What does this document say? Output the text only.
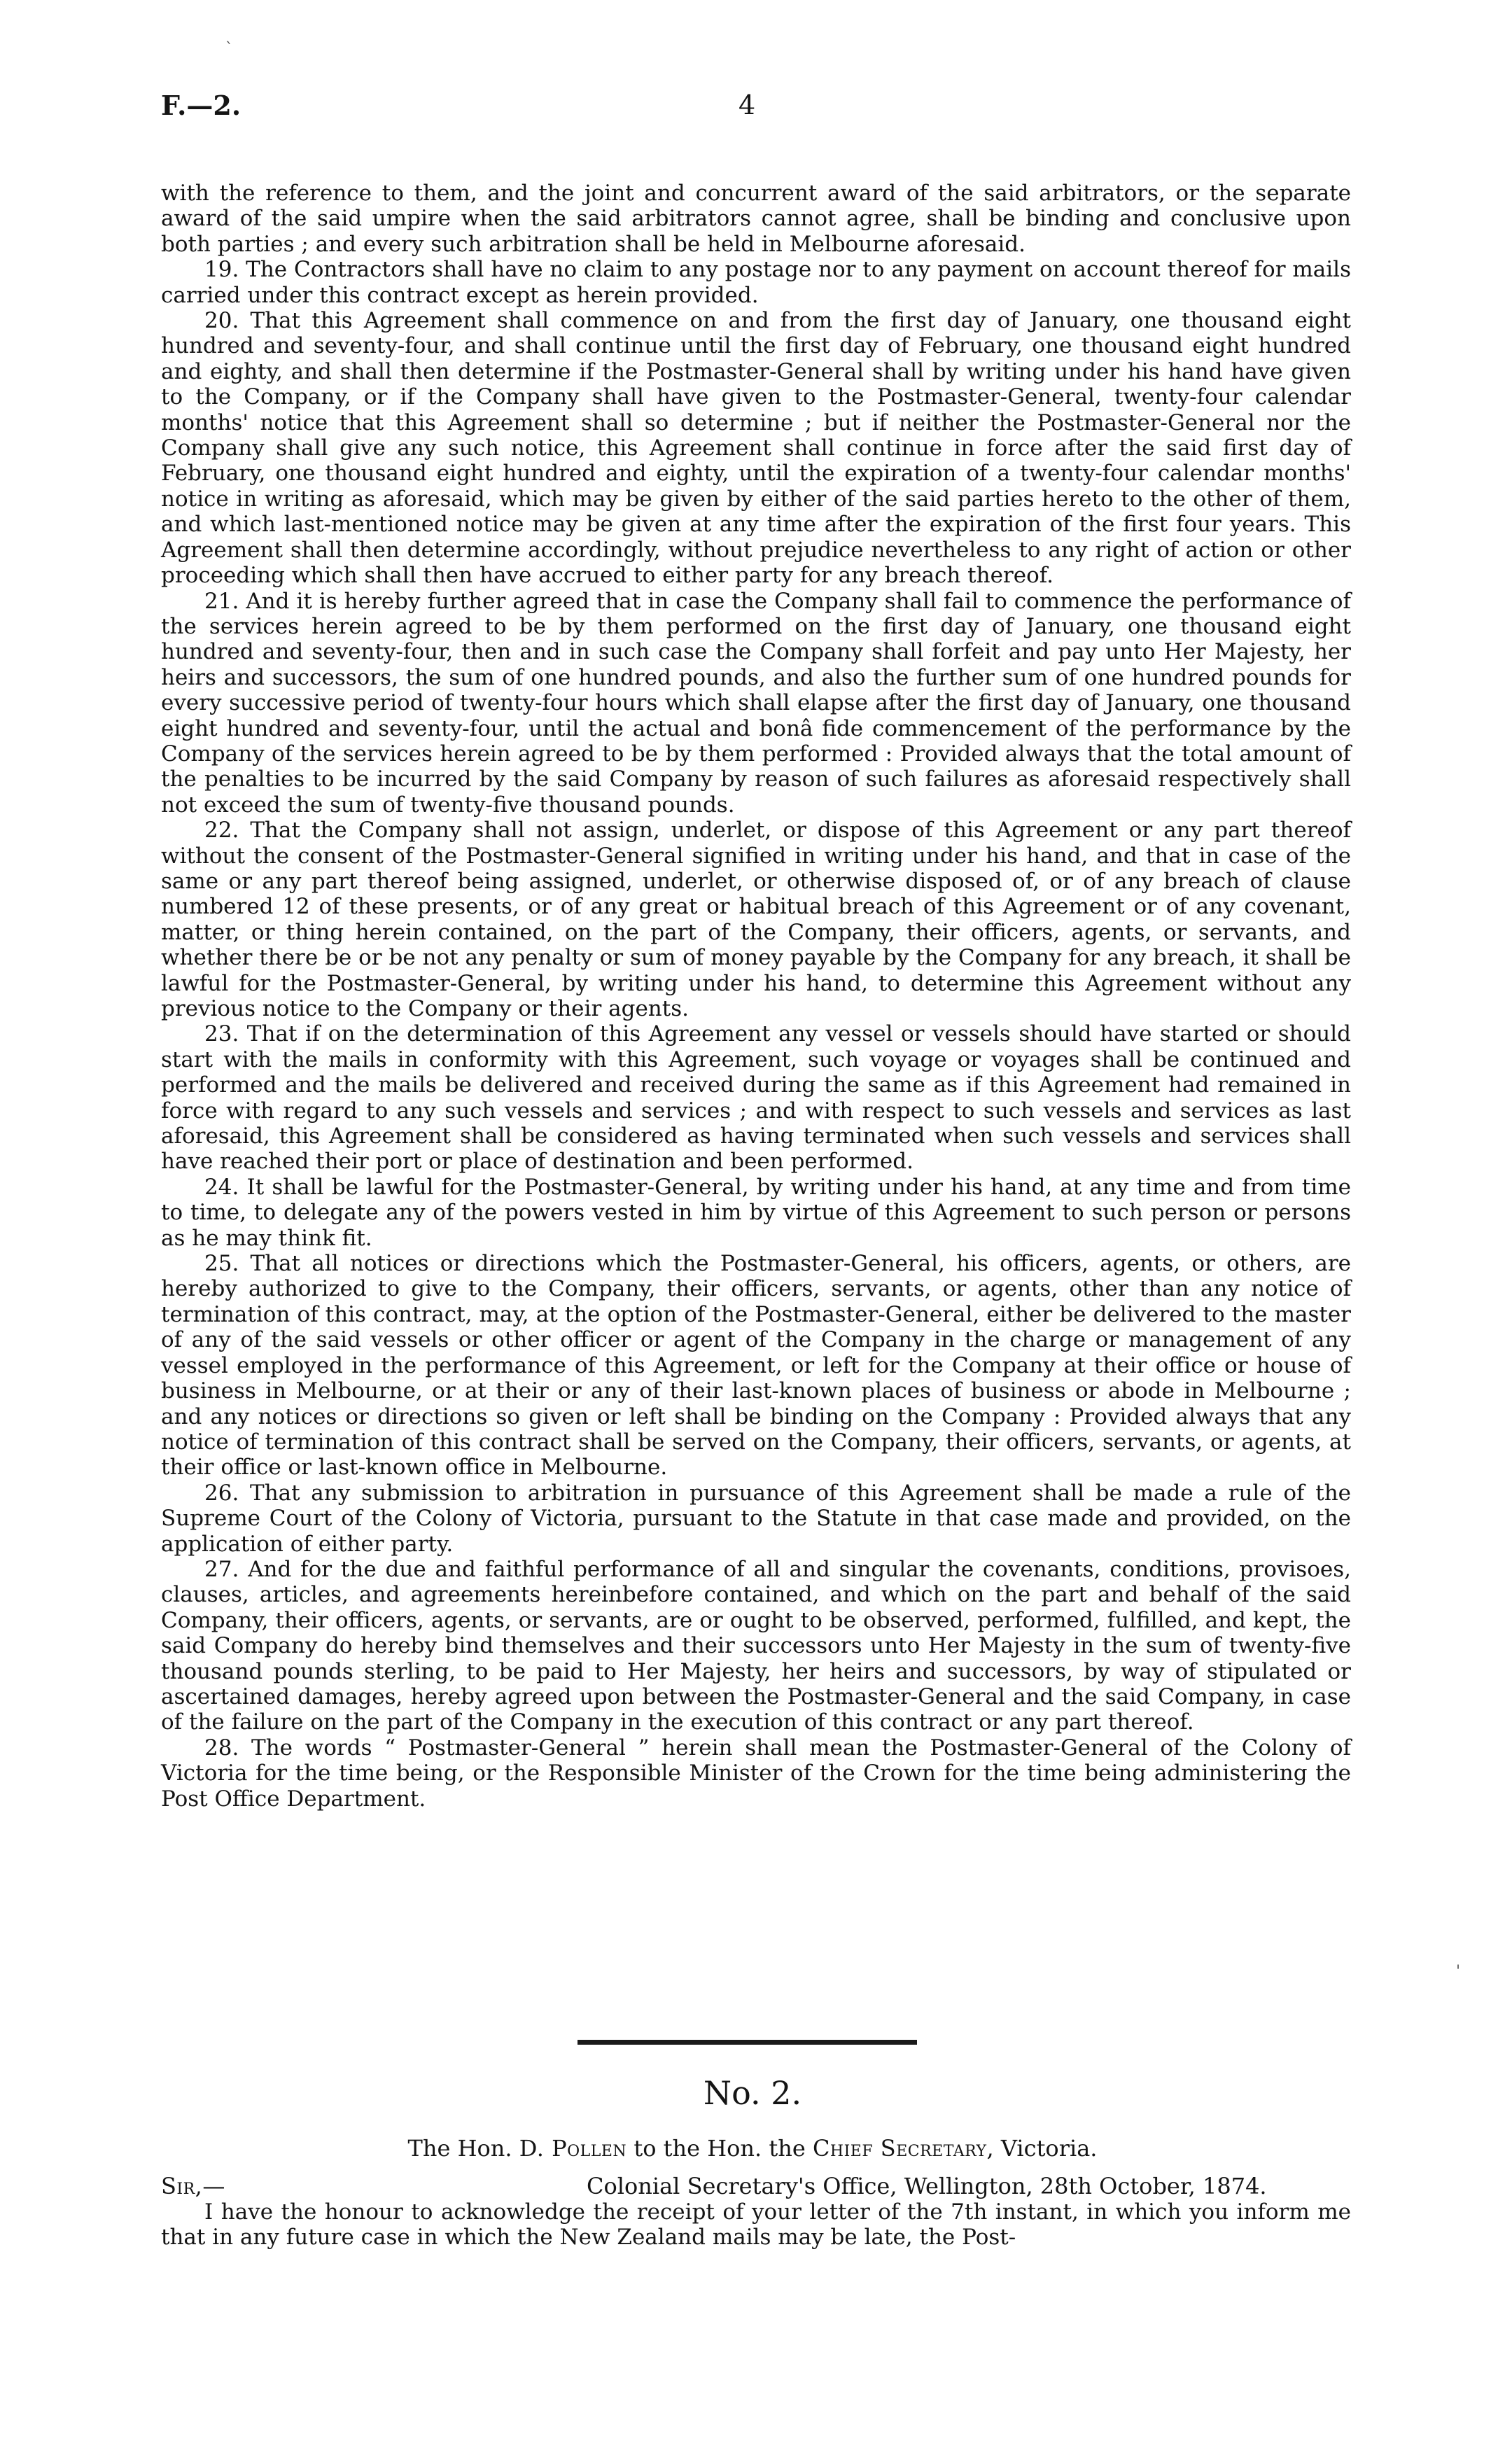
F.—2.	4

with the reference to them, and the joint and concurrent award of the said arbitrators, or the separate award of the said umpire when the said arbitrators cannot agree, shall be binding and conclusive upon both parties ; and every such arbitration shall be held in Melbourne aforesaid.

19. The Contractors shall have no claim to any postage nor to any payment on account thereof for mails carried under this contract except as herein provided.

20. That this Agreement shall commence on and from the first day of January, one thousand eight hundred and seventy-four, and shall continue until the first day of February, one thousand eight hundred and eighty, and shall then determine if the Postmaster-General shall by writing under his hand have given to the Company, or if the Company shall have given to the Postmaster-General, twenty-four calendar months' notice that this Agreement shall so determine ; but if neither the Postmaster-General nor the Company shall give any such notice, this Agreement shall continue in force after the said first day of February, one thousand eight hundred and eighty, until the expiration of a twenty-four calendar months' notice in writing as aforesaid, which may be given by either of the said parties hereto to the other of them, and which last-mentioned notice may be given at any time after the expiration of the first four years. This Agreement shall then determine accordingly, without prejudice nevertheless to any right of action or other proceeding which shall then have accrued to either party for any breach thereof.

21. And it is hereby further agreed that in case the Company shall fail to commence the performance of the services herein agreed to be by them performed on the first day of January, one thousand eight hundred and seventy-four, then and in such case the Company shall forfeit and pay unto Her Majesty, her heirs and successors, the sum of one hundred pounds, and also the further sum of one hundred pounds for every successive period of twenty-four hours which shall elapse after the first day of January, one thousand eight hundred and seventy-four, until the actual and bonâ fide commencement of the performance by the Company of the services herein agreed to be by them performed : Provided always that the total amount of the penalties to be incurred by the said Company by reason of such failures as aforesaid respectively shall not exceed the sum of twenty-five thousand pounds.

22. That the Company shall not assign, underlet, or dispose of this Agreement or any part thereof without the consent of the Postmaster-General signified in writing under his hand, and that in case of the same or any part thereof being assigned, underlet, or otherwise disposed of, or of any breach of clause numbered 12 of these presents, or of any great or habitual breach of this Agreement or of any covenant, matter, or thing herein contained, on the part of the Company, their officers, agents, or servants, and whether there be or be not any penalty or sum of money payable by the Company for any breach, it shall be lawful for the Postmaster-General, by writing under his hand, to determine this Agreement without any previous notice to the Company or their agents.

23. That if on the determination of this Agreement any vessel or vessels should have started or should start with the mails in conformity with this Agreement, such voyage or voyages shall be continued and performed and the mails be delivered and received during the same as if this Agreement had remained in force with regard to any such vessels and services ; and with respect to such vessels and services as last aforesaid, this Agreement shall be considered as having terminated when such vessels and services shall have reached their port or place of destination and been performed.

24. It shall be lawful for the Postmaster-General, by writing under his hand, at any time and from time to time, to delegate any of the powers vested in him by virtue of this Agreement to such person or persons as he may think fit.

25. That all notices or directions which the Postmaster-General, his officers, agents, or others, are hereby authorized to give to the Company, their officers, servants, or agents, other than any notice of termination of this contract, may, at the option of the Postmaster-General, either be delivered to the master of any of the said vessels or other officer or agent of the Company in the charge or management of any vessel employed in the performance of this Agreement, or left for the Company at their office or house of business in Melbourne, or at their or any of their last-known places of business or abode in Melbourne ; and any notices or directions so given or left shall be binding on the Company : Provided always that any notice of termination of this contract shall be served on the Company, their officers, servants, or agents, at their office or last-known office in Melbourne.

26. That any submission to arbitration in pursuance of this Agreement shall be made a rule of the Supreme Court of the Colony of Victoria, pursuant to the Statute in that case made and provided, on the application of either party.

27. And for the due and faithful performance of all and singular the covenants, conditions, provisoes, clauses, articles, and agreements hereinbefore contained, and which on the part and behalf of the said Company, their officers, agents, or servants, are or ought to be observed, performed, fulfilled, and kept, the said Company do hereby bind themselves and their successors unto Her Majesty in the sum of twenty-five thousand pounds sterling, to be paid to Her Majesty, her heirs and successors, by way of stipulated or ascertained damages, hereby agreed upon between the Postmaster-General and the said Company, in case of the failure on the part of the Company in the execution of this contract or any part thereof.

28. The words “ Postmaster-General ” herein shall mean the Postmaster-General of the Colony of Victoria for the time being, or the Responsible Minister of the Crown for the time being administering the Post Office Department.

No. 2.
The Hon. D. Pollen to the Hon. the Chief Secretary, Victoria.
Sir,—	Colonial Secretary's Office, Wellington, 28th October, 1874.

I have the honour to acknowledge the receipt of your letter of the 7th instant, in which you inform me that in any future case in which the New Zealand mails may be late, the Post-

`
'
